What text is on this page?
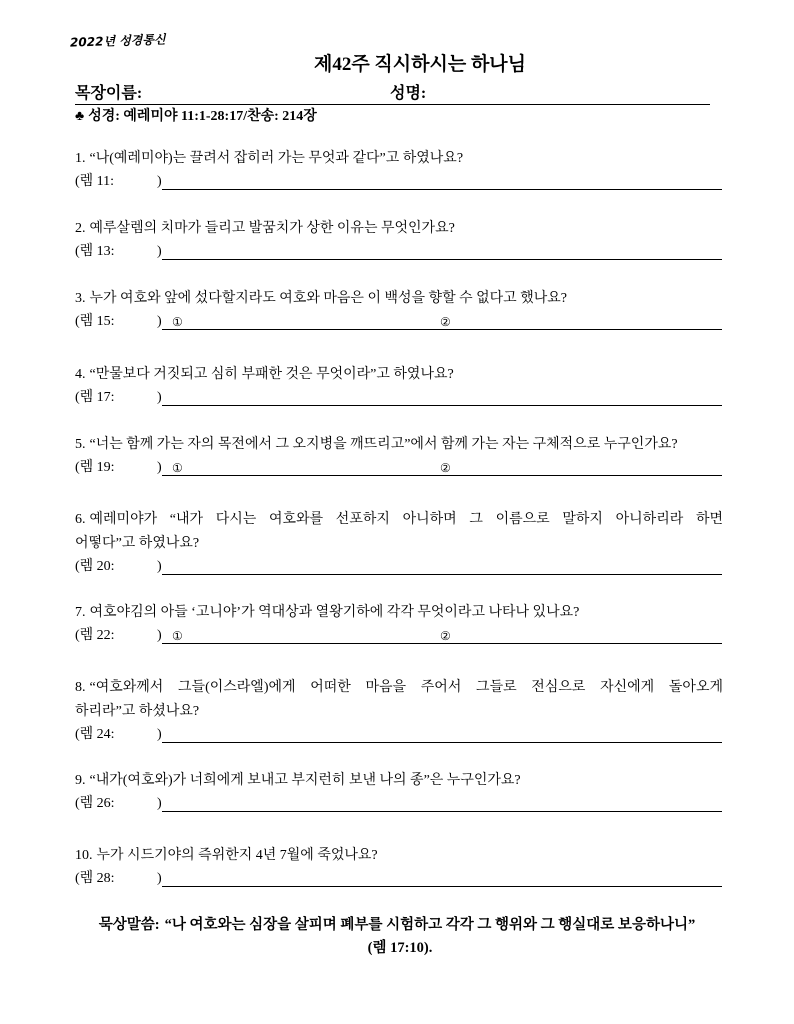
2022년 성경통신
제42주 직시하시는 하나님
목장이름:	성명:
♣ 성경: 예레미야 11:1-28:17/찬송: 214장
1. “나(예레미야)는 끌려서 잡히러 가는 무엇과 같다”고 하였나요?
(렘 11:	)
2. 예루살렘의 치마가 들리고 발꿈치가 상한 이유는 무엇인가요?
(렘 13:	)
3. 누가 여호와 앞에 섰다할지라도 여호와 마음은 이 백성을 향할 수 없다고 했나요?
(렘 15:	) ①	②
4. “만물보다 거짓되고 심히 부패한 것은 무엇이라”고 하였나요?
(렘 17:	)
5. “너는 함께 가는 자의 목전에서 그 오지병을 깨뜨리고”에서 함께 가는 자는 구체적으로 누구인가요?
(렘 19:	) ①	②
6. 예레미야가 “내가 다시는 여호와를 선포하지 아니하며 그 이름으로 말하지 아니하리라 하면
어떻다”고 하였나요?
(렘 20:	)
7. 여호야김의 아들 ‘고니야’가 역대상과 열왕기하에 각각 무엇이라고 나타나 있나요?
(렘 22:	) ①	②
8. “여호와께서 그들(이스라엘)에게 어떠한 마음을 주어서 그들로 전심으로 자신에게 돌아오게
하리라”고 하셨나요?
(렘 24:	)
9. “내가(여호와)가 너희에게 보내고 부지런히 보낸 나의 종”은 누구인가요?
(렘 26:	)
10. 누가 시드기야의 즉위한지 4년 7월에 죽었나요?
(렘 28:	)
묵상말씀: “나 여호와는 심장을 살피며 폐부를 시험하고 각각 그 행위와 그 행실대로 보응하나니”
(렘 17:10).
